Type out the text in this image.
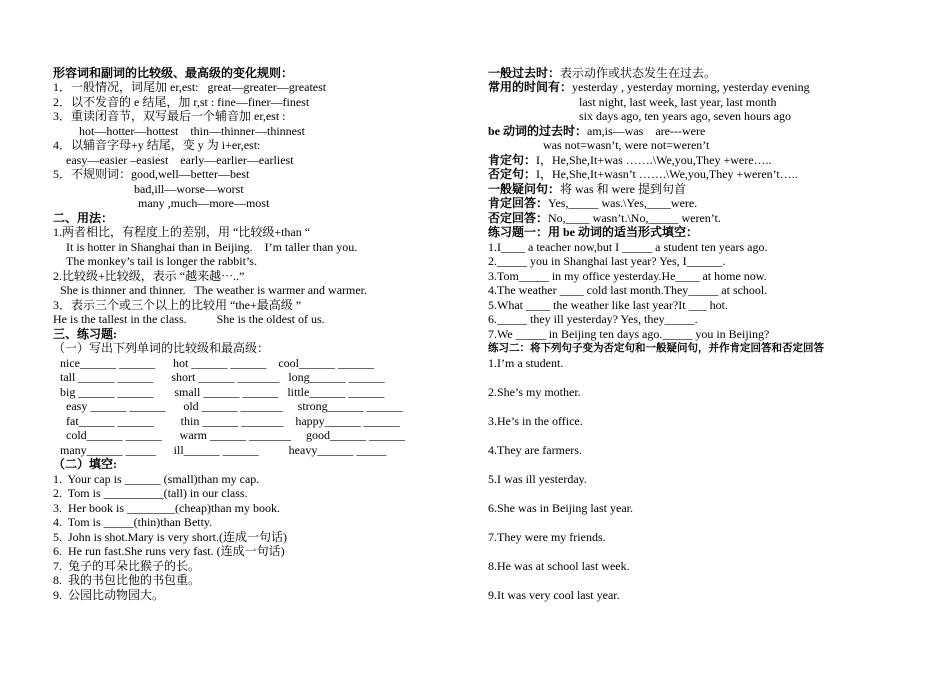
形容词和副词的比较级、最高级的变化规则：
1．一般情况，词尾加 er,est:   great—greater—greatest
2．以不发音的 e 结尾，加 r,st : fine—finer—finest
3．重读闭音节，双写最后一个辅音加 er,est :
hot—hotter—hottest    thin—thinner—thinnest
4．以辅音字母+y 结尾，变 y 为 i+er,est:
easy—easier –easiest    early—earlier—earliest
5．不规则词：good,well—better—best
bad,ill—worse—worst
many ,much—more—most
二、用法：
1.两者相比，有程度上的差别，用 “比较级+than “
It is hotter in Shanghai than in Beijing.    I’m taller than you.
The monkey’s tail is longer the rabbit’s.
2.比较级+比较级，表示 “越来越⋯..”
She is thinner and thinner.   The weather is warmer and warmer.
3．表示三个或三个以上的比较用 “the+最高级 ”
He is the tallest in the class.          She is the oldest of us.
三、练习题:
（一）写出下列单词的比较级和最高级：
nice______ ______      hot ______ ______    cool______ ______
tall ______ ______      short ______ _______   long______ ______
big ______ ______       small ______ ______   little______ ______
easy ______ ______      old ______ _______     strong______ ______
fat______ ______         thin ______ _______    happy______ ______
cold______ ______      warm ______ _______     good______ ______
many______ _____      ill______ ______          heavy______ _____
（二）填空:
1.  Your cap is ______ (small)than my cap.
2.  Tom is __________(tall) in our class.
3.  Her book is ________(cheap)than my book.
4.  Tom is _____(thin)than Betty.
5.  John is shot.Mary is very short.(连成一句话)
6.  He run fast.She runs very fast. (连成一句话)
7.  兔子的耳朵比猴子的长。
8.  我的书包比他的书包重。
9.  公园比动物园大。
一般过去时：表示动作或状态发生在过去。
常用的时间有：yesterday , yesterday morning, yesterday evening
last night, last week, last year, last month
six days ago, ten years ago, seven hours ago
be 动词的过去时：am,is—was    are---were
was not=wasn’t, were not=weren’t
肯定句：I，He,She,It+was …….\We,you,They +were…..
否定句：I，He,She,It+wasn’t …….\We,you,They +weren’t…..
一般疑问句：将 was 和 were 提到句首
肯定回答：Yes,_____ was.\Yes,____were.
否定回答：No,____ wasn’t.\No,_____ weren’t.
练习题一：用 be 动词的适当形式填空：
1.I____ a teacher now,but I _____ a student ten years ago.
2._____ you in Shanghai last year? Yes, I______.
3.Tom_____ in my office yesterday.He____ at home now.
4.The weather ____ cold last month.They_____ at school.
5.What ____ the weather like last year?It ___ hot.
6._____ they ill yesterday? Yes, they_____.
7.We _____ in Beijing ten days ago._____ you in Beijing?
练习二：将下列句子变为否定句和一般疑问句，并作肯定回答和否定回答
1.I’m a student.
2.She’s my mother.
3.He’s in the office.
4.They are farmers.
5.I was ill yesterday.
6.She was in Beijing last year.
7.They were my friends.
8.He was at school last week.
9.It was very cool last year.
